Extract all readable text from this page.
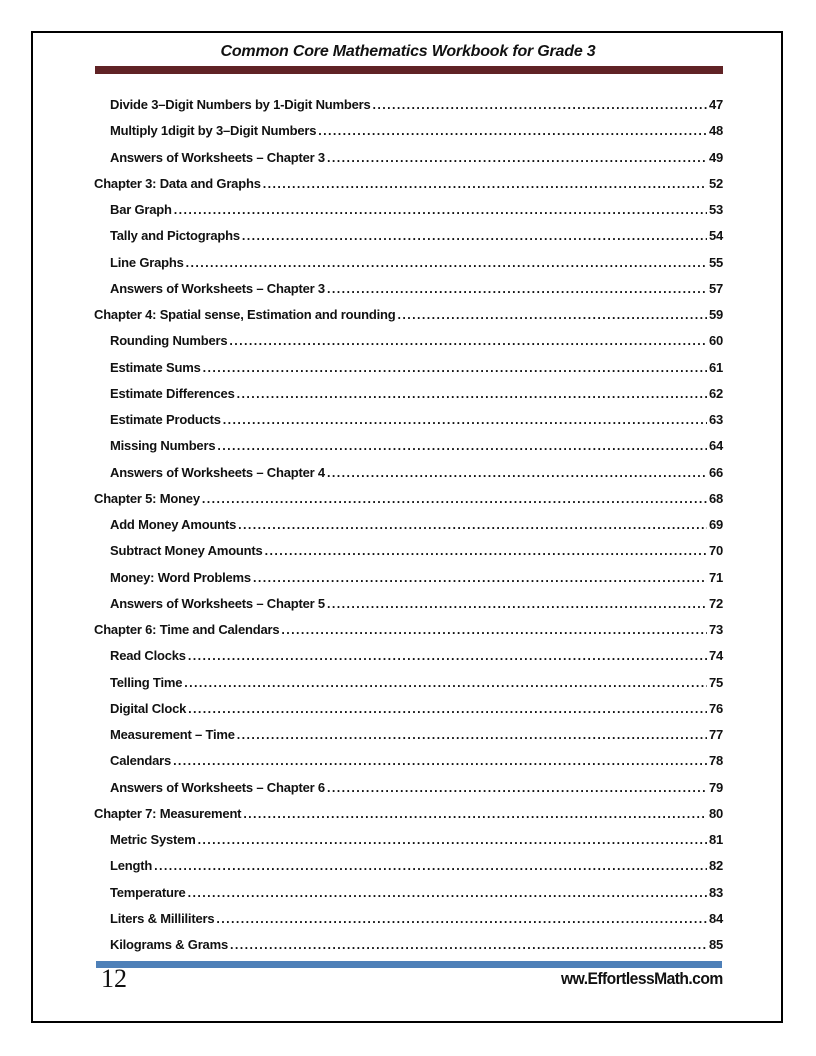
Common Core Mathematics Workbook for Grade 3
Divide 3–Digit Numbers by 1-Digit Numbers .....	47
Multiply 1digit by 3–Digit Numbers .....	48
Answers of Worksheets – Chapter 3 .....	49
Chapter 3: Data and Graphs .....	52
Bar Graph .....	53
Tally and Pictographs .....	54
Line Graphs .....	55
Answers of Worksheets – Chapter 3 .....	57
Chapter 4: Spatial sense, Estimation and rounding .....	59
Rounding Numbers .....	60
Estimate Sums .....	61
Estimate Differences .....	62
Estimate Products .....	63
Missing Numbers .....	64
Answers of Worksheets – Chapter 4 .....	66
Chapter 5: Money .....	68
Add Money Amounts .....	69
Subtract Money Amounts .....	70
Money: Word Problems .....	71
Answers of Worksheets – Chapter 5 .....	72
Chapter 6: Time and Calendars .....	73
Read Clocks .....	74
Telling Time .....	75
Digital Clock .....	76
Measurement – Time .....	77
Calendars .....	78
Answers of Worksheets – Chapter 6 .....	79
Chapter 7: Measurement .....	80
Metric System .....	81
Length .....	82
Temperature .....	83
Liters & Milliliters .....	84
Kilograms & Grams .....	85
12	ww.EffortlessMath.com
